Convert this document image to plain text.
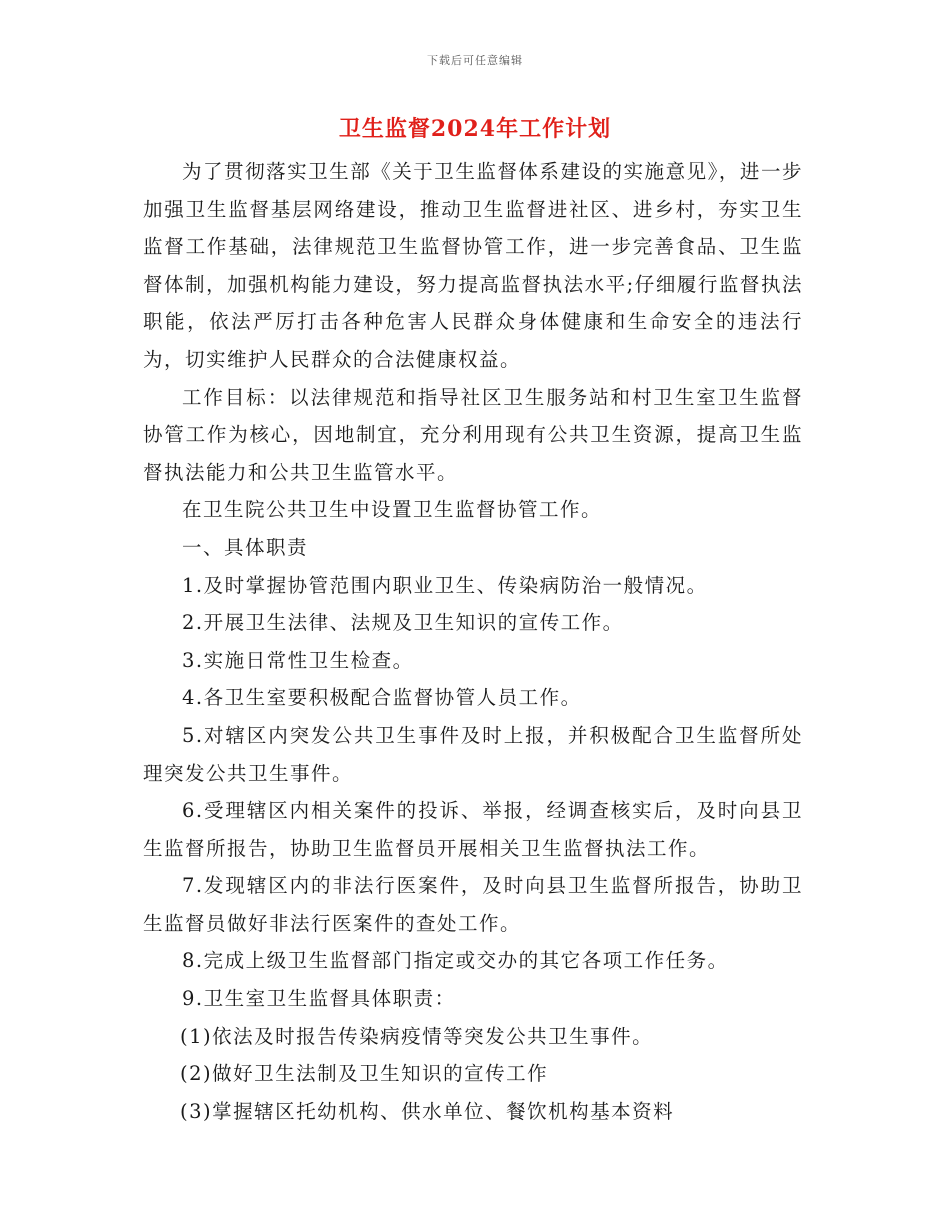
下载后可任意编辑
卫生监督2024年工作计划

为了贯彻落实卫生部《关于卫生监督体系建设的实施意见》，进一步加强卫生监督基层网络建设，推动卫生监督进社区、进乡村，夯实卫生监督工作基础，法律规范卫生监督协管工作，进一步完善食品、卫生监督体制，加强机构能力建设，努力提高监督执法水平;仔细履行监督执法职能，依法严厉打击各种危害人民群众身体健康和生命安全的违法行为，切实维护人民群众的合法健康权益。

工作目标：以法律规范和指导社区卫生服务站和村卫生室卫生监督协管工作为核心，因地制宜，充分利用现有公共卫生资源，提高卫生监督执法能力和公共卫生监管水平。

在卫生院公共卫生中设置卫生监督协管工作。

一、具体职责

1.及时掌握协管范围内职业卫生、传染病防治一般情况。

2.开展卫生法律、法规及卫生知识的宣传工作。

3.实施日常性卫生检查。

4.各卫生室要积极配合监督协管人员工作。

5.对辖区内突发公共卫生事件及时上报，并积极配合卫生监督所处理突发公共卫生事件。

6.受理辖区内相关案件的投诉、举报，经调查核实后，及时向县卫生监督所报告，协助卫生监督员开展相关卫生监督执法工作。

7.发现辖区内的非法行医案件，及时向县卫生监督所报告，协助卫生监督员做好非法行医案件的查处工作。

8.完成上级卫生监督部门指定或交办的其它各项工作任务。

9.卫生室卫生监督具体职责：

(1)依法及时报告传染病疫情等突发公共卫生事件。

(2)做好卫生法制及卫生知识的宣传工作

(3)掌握辖区托幼机构、供水单位、餐饮机构基本资料
